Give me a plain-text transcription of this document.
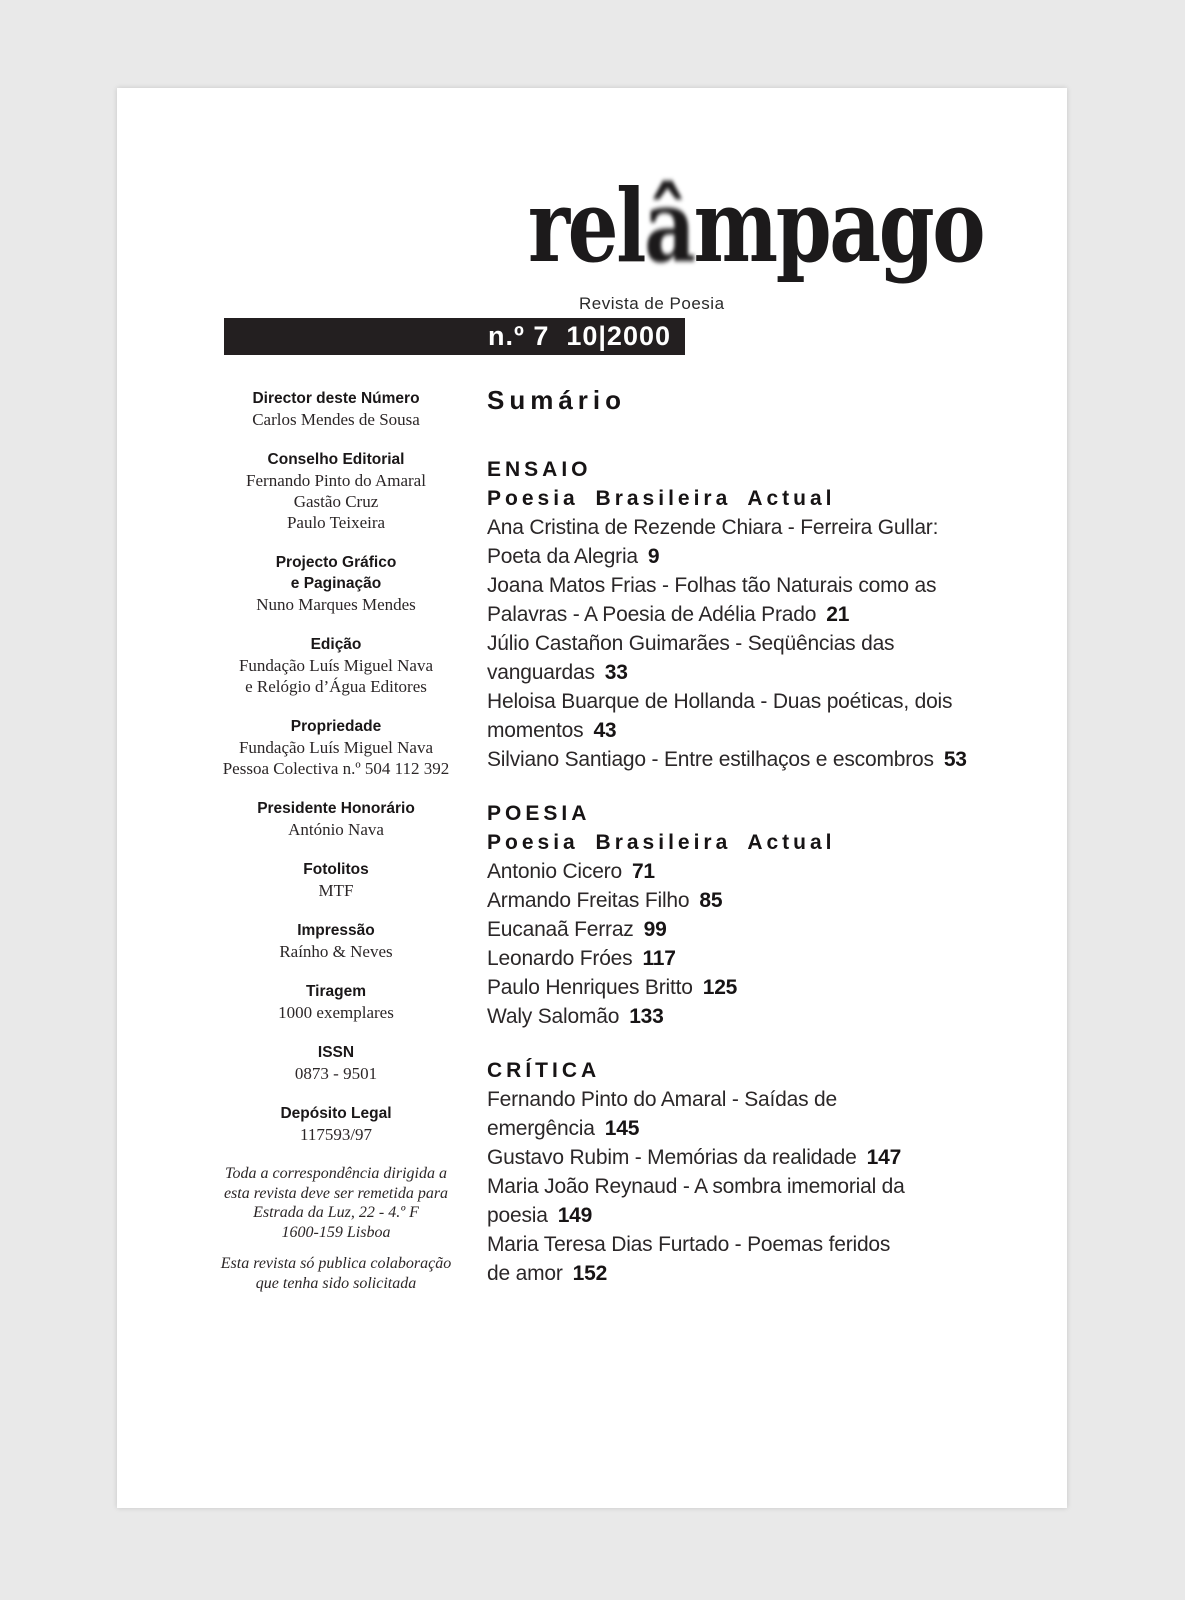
relâmpago
Revista de Poesia
n.º 7  10|2000
Director deste Número
Carlos Mendes de Sousa
Conselho Editorial
Fernando Pinto do Amaral
Gastão Cruz
Paulo Teixeira
Projecto Gráfico
e Paginação
Nuno Marques Mendes
Edição
Fundação Luís Miguel Nava
e Relógio d’Água Editores
Propriedade
Fundação Luís Miguel Nava
Pessoa Colectiva n.º 504 112 392
Presidente Honorário
António Nava
Fotolitos
MTF
Impressão
Raínho & Neves
Tiragem
1000 exemplares
ISSN
0873 - 9501
Depósito Legal
117593/97
Toda a correspondência dirigida a
esta revista deve ser remetida para
Estrada da Luz, 22 - 4.º F
1600-159 Lisboa
Esta revista só publica colaboração
que tenha sido solicitada
Sumário
ENSAIO
Poesia Brasileira Actual
Ana Cristina de Rezende Chiara - Ferreira Gullar:
Poeta da Alegria 9
Joana Matos Frias - Folhas tão Naturais como as
Palavras - A Poesia de Adélia Prado 21
Júlio Castañon Guimarães - Seqüências das
vanguardas 33
Heloisa Buarque de Hollanda - Duas poéticas, dois
momentos 43
Silviano Santiago - Entre estilhaços e escombros 53
POESIA
Poesia Brasileira Actual
Antonio Cicero 71
Armando Freitas Filho 85
Eucanaã Ferraz 99
Leonardo Fróes 117
Paulo Henriques Britto 125
Waly Salomão 133
CRÍTICA
Fernando Pinto do Amaral - Saídas de
emergência 145
Gustavo Rubim - Memórias da realidade 147
Maria João Reynaud - A sombra imemorial da
poesia 149
Maria Teresa Dias Furtado - Poemas feridos
de amor 152
